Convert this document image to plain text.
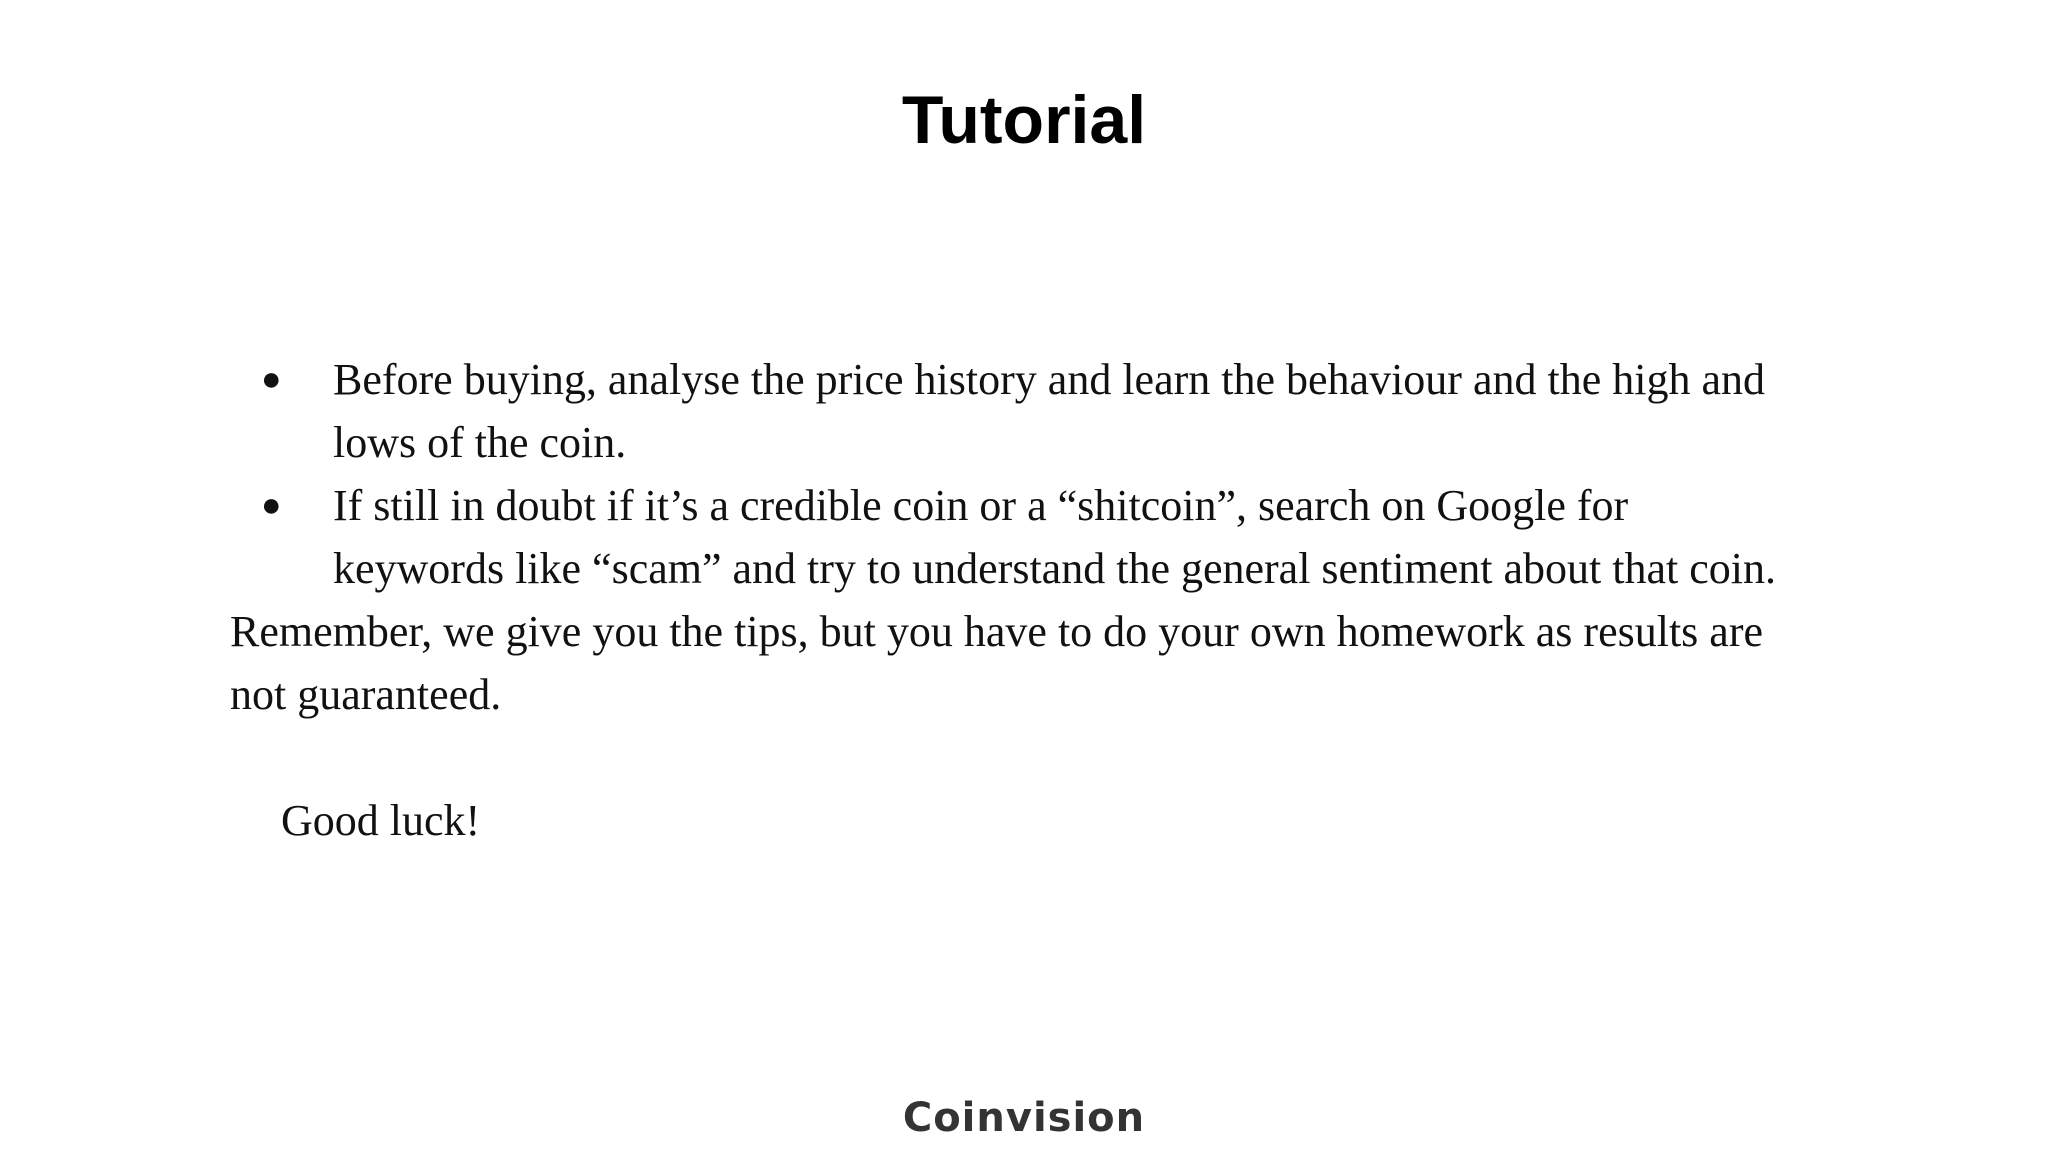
Tutorial
● Before buying, analyse the price history and learn the behaviour and the high and lows of the coin.
● If still in doubt if it’s a credible coin or a “shitcoin”, search on Google for keywords like “scam” and try to understand the general sentiment about that coin.

Remember, we give you the tips, but you have to do your own homework as results are not guaranteed.

Good luck!

Coinvision
